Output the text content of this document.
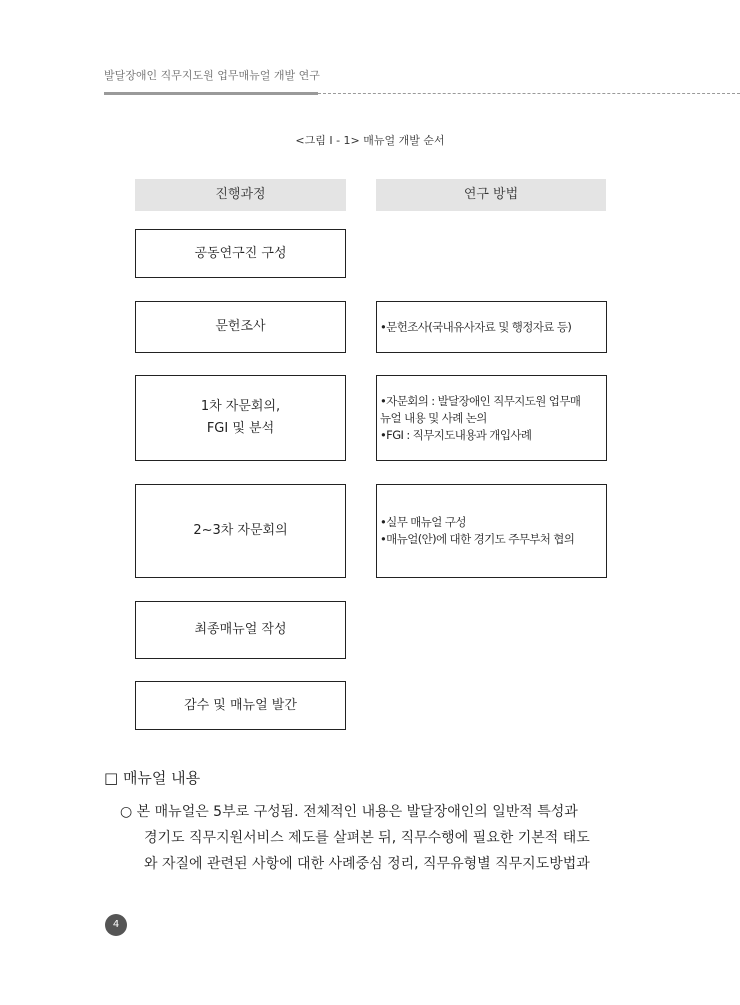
발달장애인 직무지도원 업무매뉴얼 개발 연구
<그림 Ⅰ - 1> 매뉴얼 개발 순서
진행과정	연구 방법
공동연구진 구성
문헌조사
1차 자문회의,
FGI 및 분석
2~3차 자문회의
최종매뉴얼 작성
감수 및 매뉴얼 발간
•문헌조사(국내유사자료 및 행정자료 등)
•자문회의 : 발달장애인 직무지도원 업무매
뉴얼 내용 및 사례 논의
•FGI : 직무지도내용과 개입사례
•실무 매뉴얼 구성
•매뉴얼(안)에 대한 경기도 주무부처 협의
□ 매뉴얼 내용
○ 본 매뉴얼은 5부로 구성됨. 전체적인 내용은 발달장애인의 일반적 특성과
경기도 직무지원서비스 제도를 살펴본 뒤, 직무수행에 필요한 기본적 태도
와 자질에 관련된 사항에 대한 사례중심 정리, 직무유형별 직무지도방법과
4
